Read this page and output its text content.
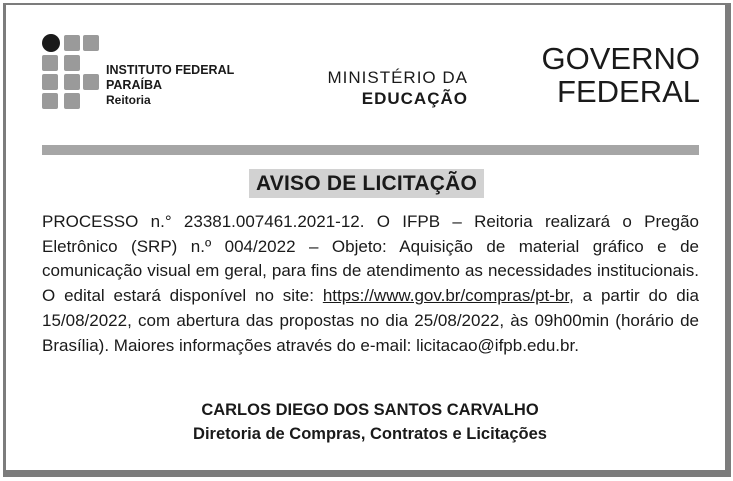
INSTITUTO FEDERAL
PARAÍBA
Reitoria
MINISTÉRIO DA
EDUCAÇÃO
GOVERNO
FEDERAL
AVISO DE LICITAÇÃO
PROCESSO n.° 23381.007461.2021-12. O IFPB – Reitoria realizará o Pregão Eletrônico (SRP) n.º 004/2022 – Objeto: Aquisição de material gráfico e de comunicação visual em geral, para fins de atendimento as necessidades institucionais. O edital estará disponível no site: https://www.gov.br/compras/pt-br, a partir do dia 15/08/2022, com abertura das propostas no dia 25/08/2022, às 09h00min (horário de Brasília). Maiores informações através do e-mail: licitacao@ifpb.edu.br.
CARLOS DIEGO DOS SANTOS CARVALHO
Diretoria de Compras, Contratos e Licitações
